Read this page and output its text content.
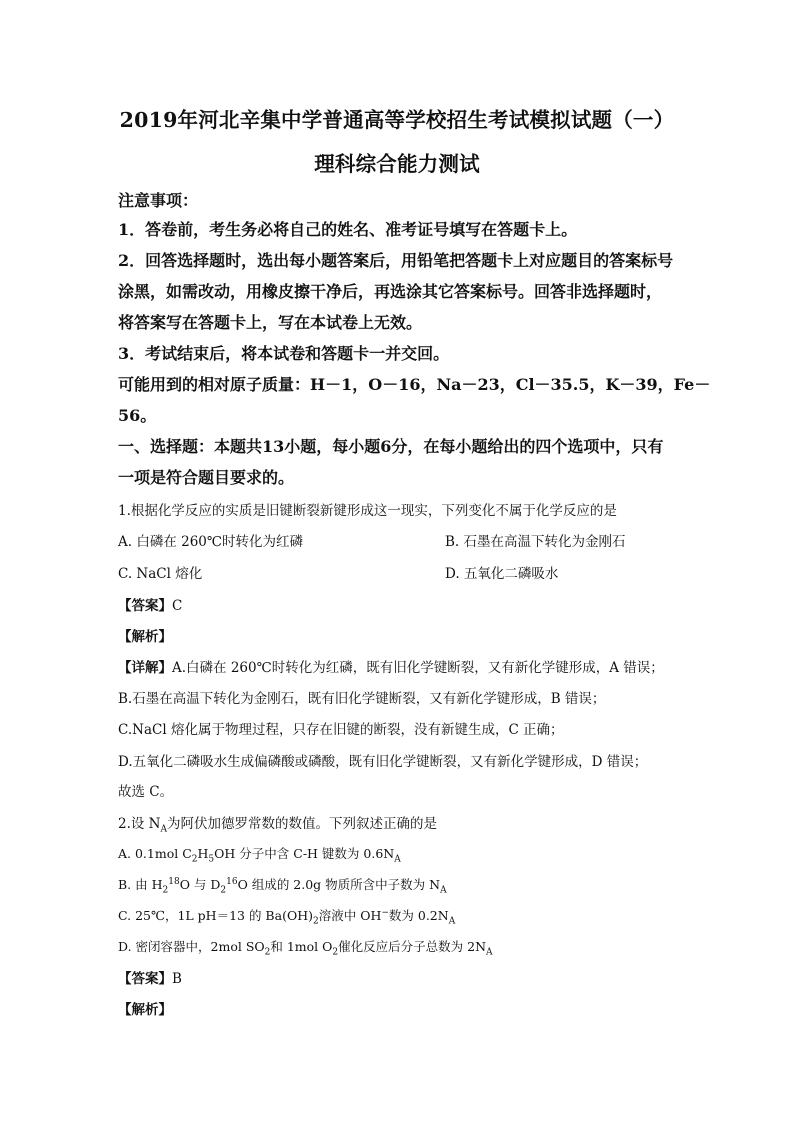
2019年河北辛集中学普通高等学校招生考试模拟试题（一）
理科综合能力测试
注意事项：
1．答卷前，考生务必将自己的姓名、准考证号填写在答题卡上。
2．回答选择题时，选出每小题答案后，用铅笔把答题卡上对应题目的答案标号
涂黑，如需改动，用橡皮擦干净后，再选涂其它答案标号。回答非选择题时，
将答案写在答题卡上，写在本试卷上无效。
3．考试结束后，将本试卷和答题卡一并交回。
可能用到的相对原子质量：H－1，O－16，Na－23，Cl－35.5，K－39，Fe－
56。
一、选择题：本题共13小题，每小题6分，在每小题给出的四个选项中，只有
一项是符合题目要求的。
1.根据化学反应的实质是旧键断裂新键形成这一现实，下列变化不属于化学反应的是
A. 白磷在 260℃时转化为红磷	B. 石墨在高温下转化为金刚石
C. NaCl 熔化	D. 五氧化二磷吸水
【答案】C
【解析】
【详解】A.白磷在 260℃时转化为红磷，既有旧化学键断裂，又有新化学键形成，A 错误；
B.石墨在高温下转化为金刚石，既有旧化学键断裂，又有新化学键形成，B 错误；
C.NaCl 熔化属于物理过程，只存在旧键的断裂，没有新键生成，C 正确；
D.五氧化二磷吸水生成偏磷酸或磷酸，既有旧化学键断裂，又有新化学键形成，D 错误；
故选 C。
2.设 $N_A$为阿伏加德罗常数的数值。下列叙述正确的是
A. 0.1mol $C_2H_5OH$ 分子中含 C-H 键数为 $0.6N_A$
B. 由 $H_2^{18}O$ 与 $D_2^{16}O$ 组成的 2.0g 物质所含中子数为 $N_A$
C. 25℃，1L pH＝13 的 $Ba(OH)_2$溶液中 OH−数为 $0.2N_A$
D. 密闭容器中，2mol $SO_2$和 1mol $O_2$催化反应后分子总数为 $2N_A$
【答案】B
【解析】
